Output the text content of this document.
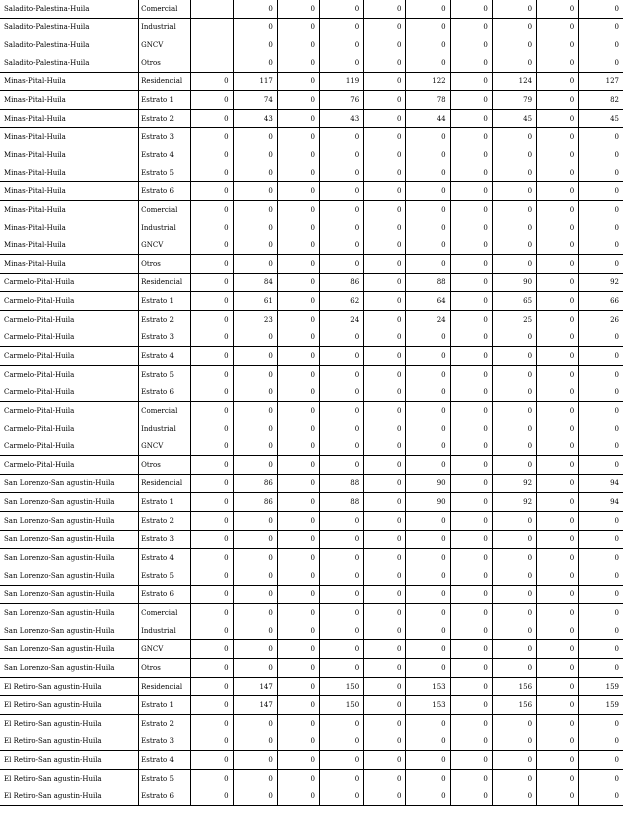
Saladito-Palestina-Huila	Comercial		0	0	0	0	0	0	0	0	0
Saladito-Palestina-Huila	Industrial		0	0	0	0	0	0	0	0	0
Saladito-Palestina-Huila	GNCV		0	0	0	0	0	0	0	0	0
Saladito-Palestina-Huila	Otros		0	0	0	0	0	0	0	0	0
Minas-Pital-Huila	Residencial	0	117	0	119	0	122	0	124	0	127
Minas-Pital-Huila	Estrato 1	0	74	0	76	0	78	0	79	0	82
Minas-Pital-Huila	Estrato 2	0	43	0	43	0	44	0	45	0	45
Minas-Pital-Huila	Estrato 3	0	0	0	0	0	0	0	0	0	0
Minas-Pital-Huila	Estrato 4	0	0	0	0	0	0	0	0	0	0
Minas-Pital-Huila	Estrato 5	0	0	0	0	0	0	0	0	0	0
Minas-Pital-Huila	Estrato 6	0	0	0	0	0	0	0	0	0	0
Minas-Pital-Huila	Comercial	0	0	0	0	0	0	0	0	0	0
Minas-Pital-Huila	Industrial	0	0	0	0	0	0	0	0	0	0
Minas-Pital-Huila	GNCV	0	0	0	0	0	0	0	0	0	0
Minas-Pital-Huila	Otros	0	0	0	0	0	0	0	0	0	0
Carmelo-Pital-Huila	Residencial	0	84	0	86	0	88	0	90	0	92
Carmelo-Pital-Huila	Estrato 1	0	61	0	62	0	64	0	65	0	66
Carmelo-Pital-Huila	Estrato 2	0	23	0	24	0	24	0	25	0	26
Carmelo-Pital-Huila	Estrato 3	0	0	0	0	0	0	0	0	0	0
Carmelo-Pital-Huila	Estrato 4	0	0	0	0	0	0	0	0	0	0
Carmelo-Pital-Huila	Estrato 5	0	0	0	0	0	0	0	0	0	0
Carmelo-Pital-Huila	Estrato 6	0	0	0	0	0	0	0	0	0	0
Carmelo-Pital-Huila	Comercial	0	0	0	0	0	0	0	0	0	0
Carmelo-Pital-Huila	Industrial	0	0	0	0	0	0	0	0	0	0
Carmelo-Pital-Huila	GNCV	0	0	0	0	0	0	0	0	0	0
Carmelo-Pital-Huila	Otros	0	0	0	0	0	0	0	0	0	0
San Lorenzo-San agustin-Huila	Residencial	0	86	0	88	0	90	0	92	0	94
San Lorenzo-San agustin-Huila	Estrato 1	0	86	0	88	0	90	0	92	0	94
San Lorenzo-San agustin-Huila	Estrato 2	0	0	0	0	0	0	0	0	0	0
San Lorenzo-San agustin-Huila	Estrato 3	0	0	0	0	0	0	0	0	0	0
San Lorenzo-San agustin-Huila	Estrato 4	0	0	0	0	0	0	0	0	0	0
San Lorenzo-San agustin-Huila	Estrato 5	0	0	0	0	0	0	0	0	0	0
San Lorenzo-San agustin-Huila	Estrato 6	0	0	0	0	0	0	0	0	0	0
San Lorenzo-San agustin-Huila	Comercial	0	0	0	0	0	0	0	0	0	0
San Lorenzo-San agustin-Huila	Industrial	0	0	0	0	0	0	0	0	0	0
San Lorenzo-San agustin-Huila	GNCV	0	0	0	0	0	0	0	0	0	0
San Lorenzo-San agustin-Huila	Otros	0	0	0	0	0	0	0	0	0	0
El Retiro-San agustin-Huila	Residencial	0	147	0	150	0	153	0	156	0	159
El Retiro-San agustin-Huila	Estrato 1	0	147	0	150	0	153	0	156	0	159
El Retiro-San agustin-Huila	Estrato 2	0	0	0	0	0	0	0	0	0	0
El Retiro-San agustin-Huila	Estrato 3	0	0	0	0	0	0	0	0	0	0
El Retiro-San agustin-Huila	Estrato 4	0	0	0	0	0	0	0	0	0	0
El Retiro-San agustin-Huila	Estrato 5	0	0	0	0	0	0	0	0	0	0
El Retiro-San agustin-Huila	Estrato 6	0	0	0	0	0	0	0	0	0	0
